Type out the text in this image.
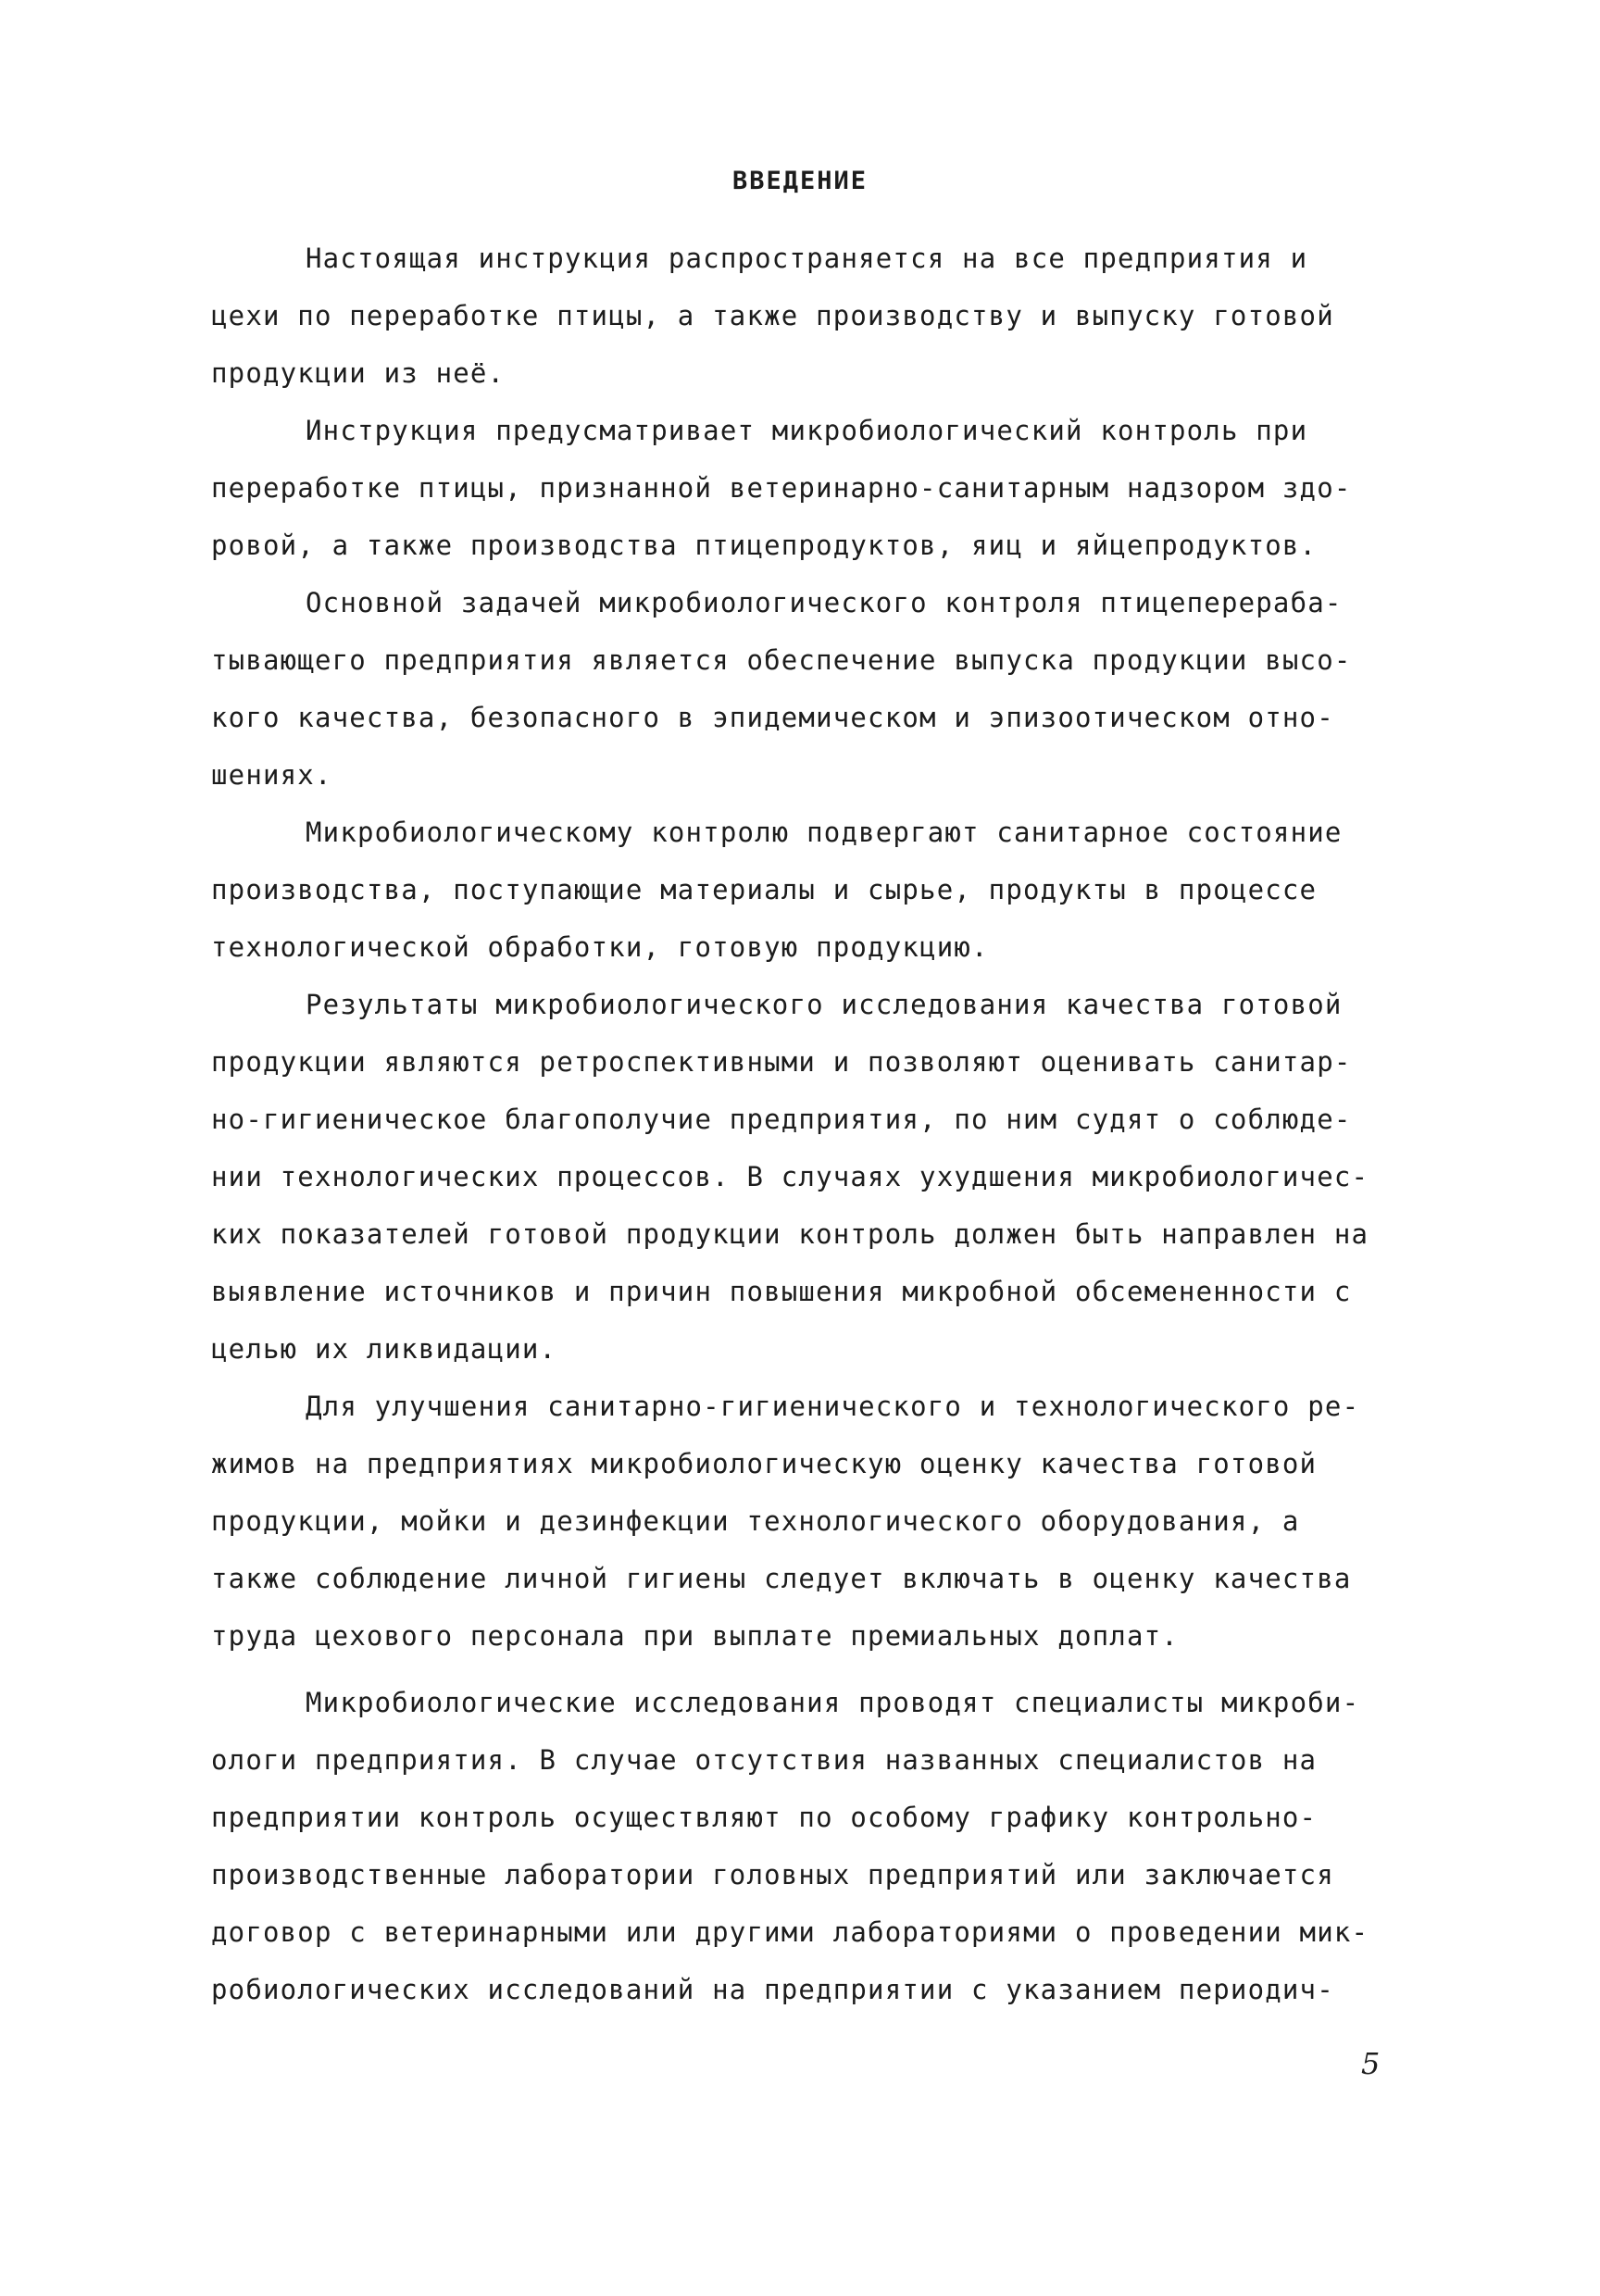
ВВЕДЕНИЕ
Настоящая инструкция распространяется на все предприятия и
цехи по переработке птицы, а также производству и выпуску готовой
продукции из неё.
Инструкция предусматривает микробиологический контроль при
переработке птицы, признанной ветеринарно-санитарным надзором здо-
ровой, а также производства птицепродуктов, яиц и яйцепродуктов.
Основной задачей микробиологического контроля птицеперераба-
тывающего предприятия является обеспечение выпуска продукции высо-
кого качества, безопасного в эпидемическом и эпизоотическом отно-
шениях.
Микробиологическому контролю подвергают санитарное состояние
производства, поступающие материалы и сырье, продукты в процессе
технологической обработки, готовую продукцию.
Результаты микробиологического исследования качества готовой
продукции являются ретроспективными и позволяют оценивать санитар-
но-гигиеническое благополучие предприятия, по ним судят о соблюде-
нии технологических процессов. В случаях ухудшения микробиологичес-
ких показателей готовой продукции контроль должен быть направлен на
выявление источников и причин повышения микробной обсемененности с
целью их ликвидации.
Для улучшения санитарно-гигиенического и технологического ре-
жимов на предприятиях микробиологическую оценку качества готовой
продукции, мойки и дезинфекции технологического оборудования, а
также соблюдение личной гигиены следует включать в оценку качества
труда цехового персонала при выплате премиальных доплат.
Микробиологические исследования проводят специалисты микроби-
ологи предприятия. В случае отсутствия названных специалистов на
предприятии контроль осуществляют по особому графику контрольно-
производственные лаборатории головных предприятий или заключается
договор с ветеринарными или другими лабораториями о проведении мик-
робиологических исследований на предприятии с указанием периодич-
5
